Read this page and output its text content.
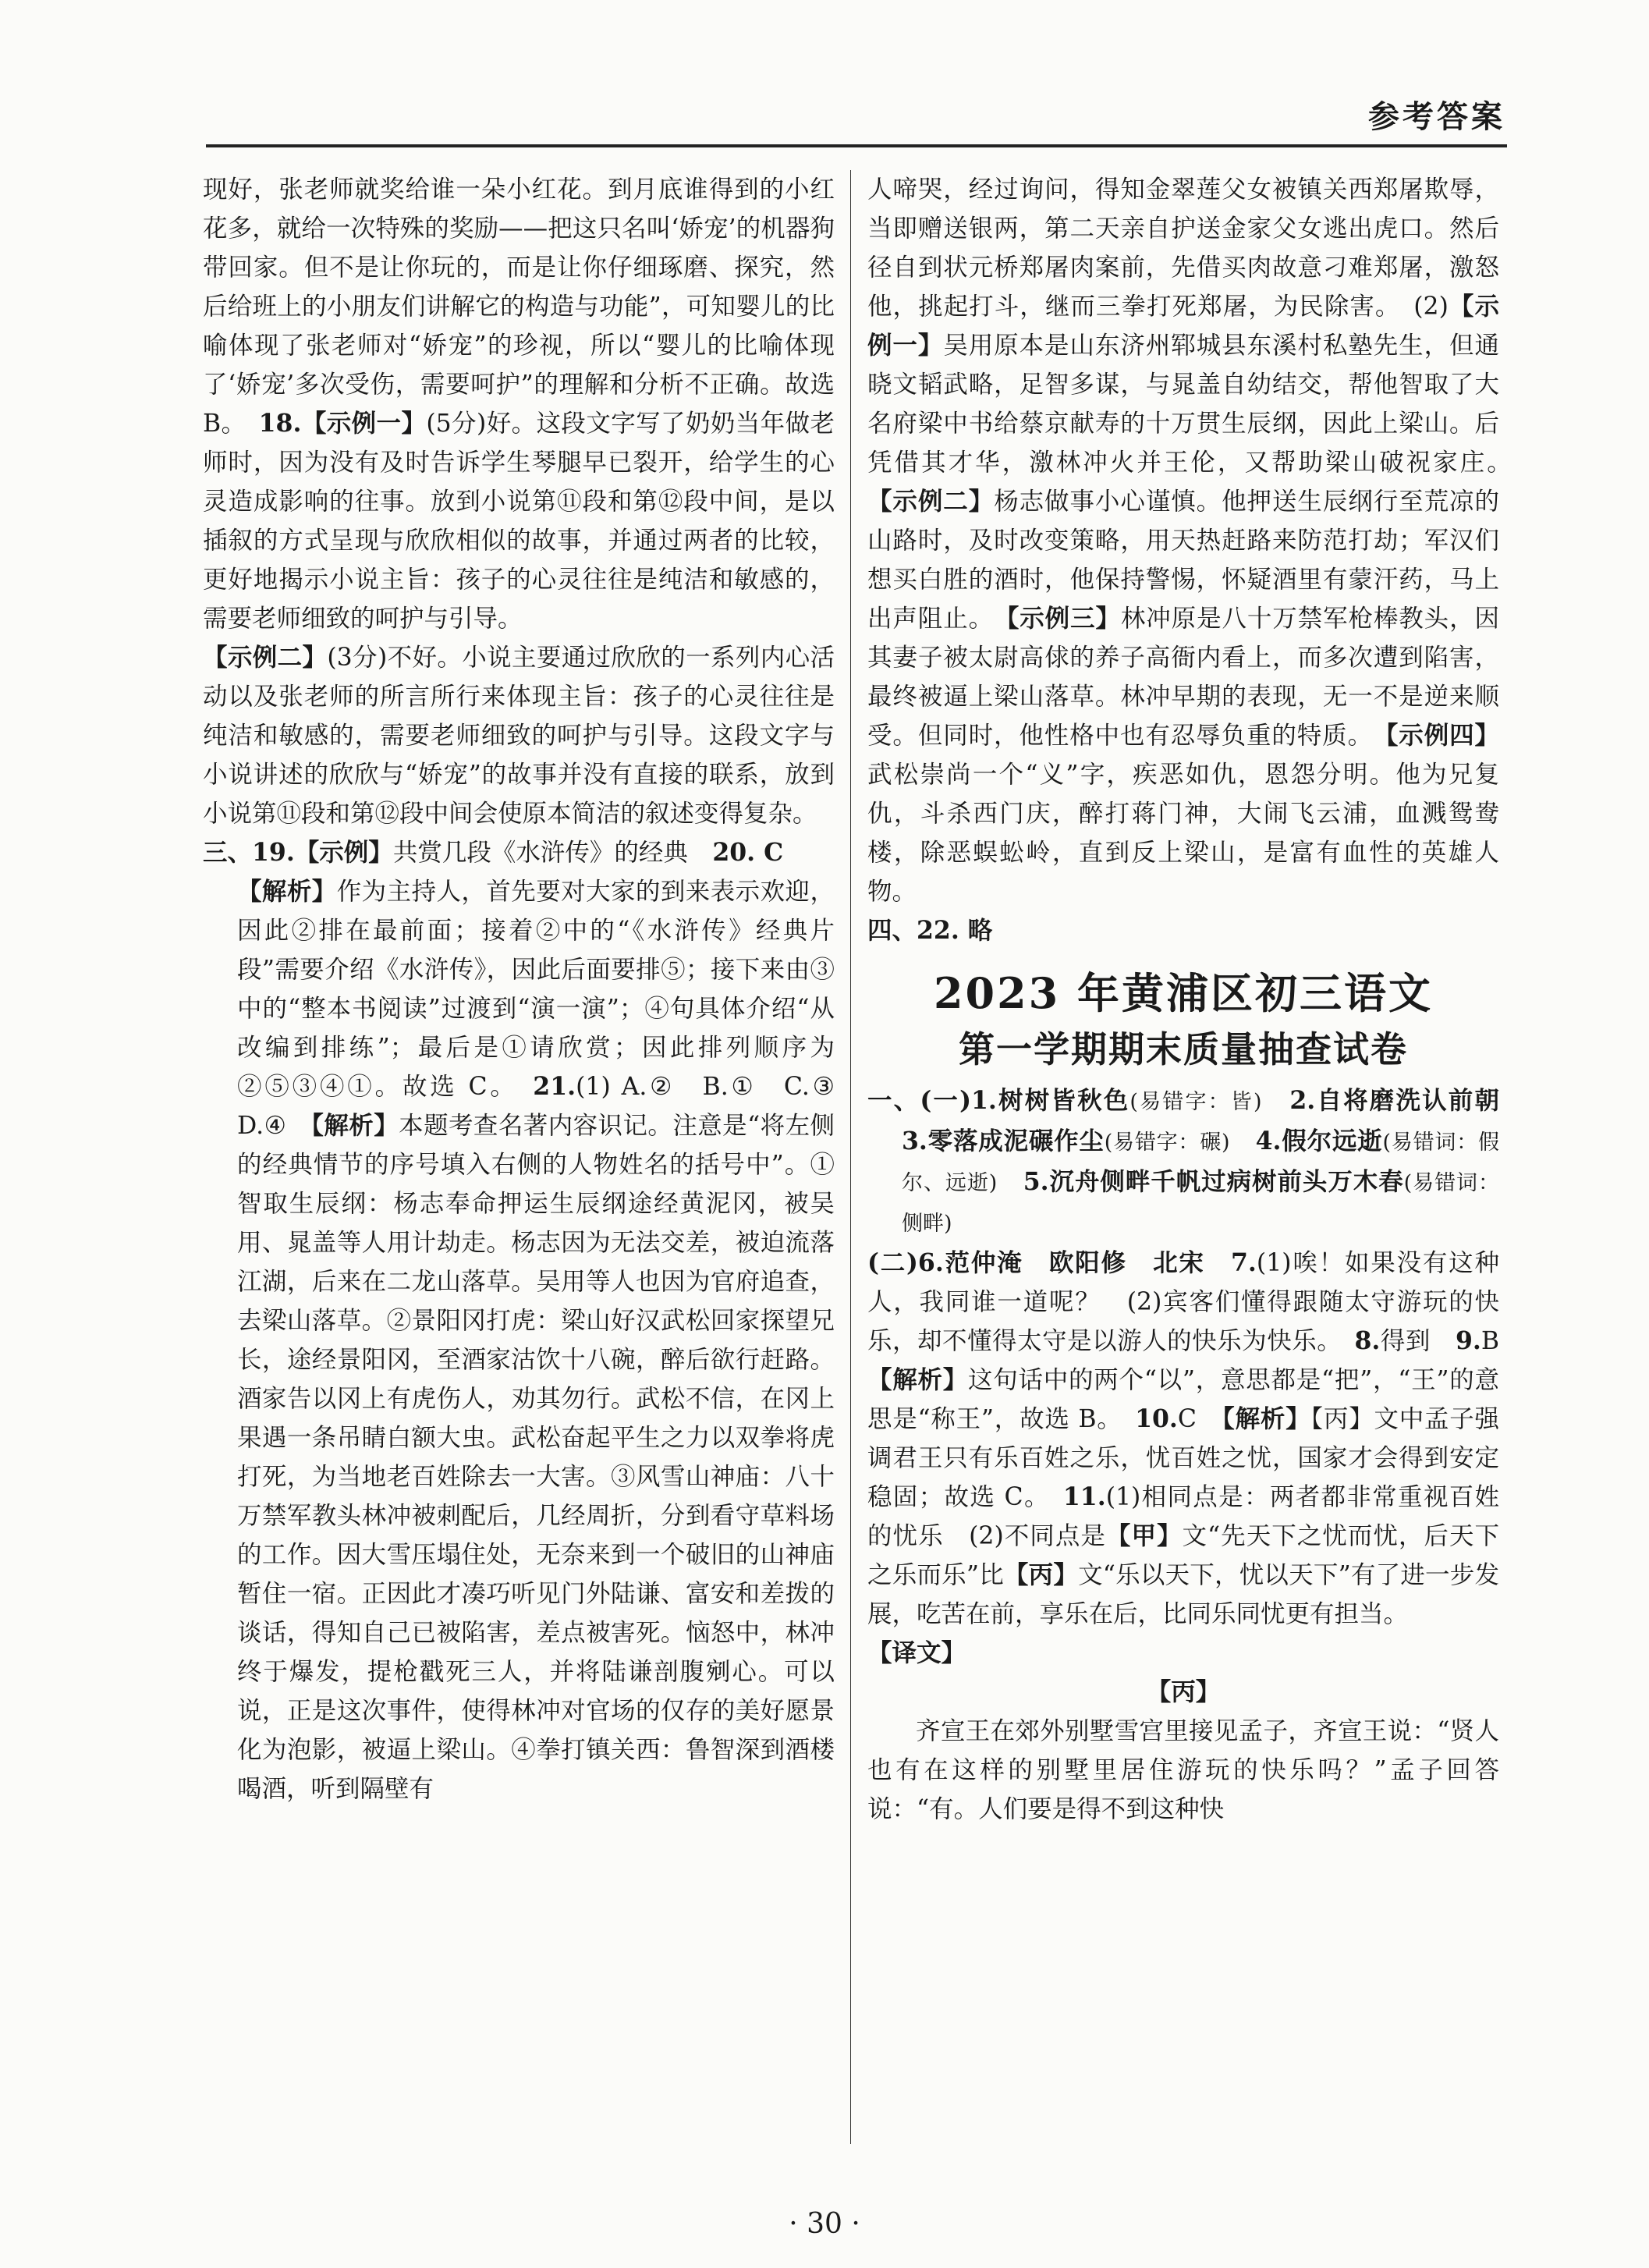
参考答案

现好，张老师就奖给谁一朵小红花。到月底谁得到的小红花多，就给一次特殊的奖励——把这只名叫‘娇宠’的机器狗带回家。但不是让你玩的，而是让你仔细琢磨、探究，然后给班上的小朋友们讲解它的构造与功能”，可知婴儿的比喻体现了张老师对“娇宠”的珍视，所以“婴儿的比喻体现了‘娇宠’多次受伤，需要呵护”的理解和分析不正确。故选 B。　 18.【示例一】(5分)好。这段文字写了奶奶当年做老师时，因为没有及时告诉学生琴腿早已裂开，给学生的心灵造成影响的往事。放到小说第⑪段和第⑫段中间，是以插叙的方式呈现与欣欣相似的故事，并通过两者的比较，更好地揭示小说主旨：孩子的心灵往往是纯洁和敏感的，需要老师细致的呵护与引导。

【示例二】(3分)不好。小说主要通过欣欣的一系列内心活动以及张老师的所言所行来体现主旨：孩子的心灵往往是纯洁和敏感的，需要老师细致的呵护与引导。这段文字与小说讲述的欣欣与“娇宠”的故事并没有直接的联系，放到小说第⑪段和第⑫段中间会使原本简洁的叙述变得复杂。

三、19.【示例】共赏几段《水浒传》的经典　20. C
【解析】作为主持人，首先要对大家的到来表示欢迎，因此②排在最前面；接着②中的“《水浒传》经典片段”需要介绍《水浒传》，因此后面要排⑤；接下来由③中的“整本书阅读”过渡到“演一演”；④句具体介绍“从改编到排练”；最后是①请欣赏；因此排列顺序为②⑤③④①。故选 C。　21.(1) A.②　B.①　C.③　D.④　【解析】本题考查名著内容识记。注意是“将左侧的经典情节的序号填入右侧的人物姓名的括号中”。①智取生辰纲：杨志奉命押运生辰纲途经黄泥冈，被吴用、晁盖等人用计劫走。杨志因为无法交差，被迫流落江湖，后来在二龙山落草。吴用等人也因为官府追查，去梁山落草。②景阳冈打虎：梁山好汉武松回家探望兄长，途经景阳冈，至酒家沽饮十八碗，醉后欲行赶路。酒家告以冈上有虎伤人，劝其勿行。武松不信，在冈上果遇一条吊睛白额大虫。武松奋起平生之力以双拳将虎打死，为当地老百姓除去一大害。③风雪山神庙：八十万禁军教头林冲被刺配后，几经周折，分到看守草料场的工作。因大雪压塌住处，无奈来到一个破旧的山神庙暂住一宿。正因此才凑巧听见门外陆谦、富安和差拨的谈话，得知自己已被陷害，差点被害死。恼怒中，林冲终于爆发，提枪戳死三人，并将陆谦剖腹剜心。可以说，正是这次事件，使得林冲对官场的仅存的美好愿景化为泡影，被逼上梁山。④拳打镇关西：鲁智深到酒楼喝酒，听到隔壁有

人啼哭，经过询问，得知金翠莲父女被镇关西郑屠欺辱，当即赠送银两，第二天亲自护送金家父女逃出虎口。然后径自到状元桥郑屠肉案前，先借买肉故意刁难郑屠，激怒他，挑起打斗，继而三拳打死郑屠，为民除害。　(2)【示例一】吴用原本是山东济州郓城县东溪村私塾先生，但通晓文韬武略，足智多谋，与晁盖自幼结交，帮他智取了大名府梁中书给蔡京献寿的十万贯生辰纲，因此上梁山。后凭借其才华，激林冲火并王伦，又帮助梁山破祝家庄。　【示例二】杨志做事小心谨慎。他押送生辰纲行至荒凉的山路时，及时改变策略，用天热赶路来防范打劫；军汉们想买白胜的酒时，他保持警惕，怀疑酒里有蒙汗药，马上出声阻止。　【示例三】林冲原是八十万禁军枪棒教头，因其妻子被太尉高俅的养子高衙内看上，而多次遭到陷害，最终被逼上梁山落草。林冲早期的表现，无一不是逆来顺受。但同时，他性格中也有忍辱负重的特质。　【示例四】武松崇尚一个“义”字，疾恶如仇，恩怨分明。他为兄复仇，斗杀西门庆，醉打蒋门神，大闹飞云浦，血溅鸳鸯楼，除恶蜈蚣岭，直到反上梁山，是富有血性的英雄人物。

四、22. 略

2023 年黄浦区初三语文

第一学期期末质量抽查试卷

一、(一)1.树树皆秋色(易错字：皆)　 2.自将磨洗认前朝　3.零落成泥碾作尘(易错字：碾)　 4.假尔远逝(易错词：假尔、远逝)　 5.沉舟侧畔千帆过病树前头万木春(易错词：侧畔)

(二)6.范仲淹　欧阳修　北宋　 7.(1)唉！如果没有这种人，我同谁一道呢？　(2)宾客们懂得跟随太守游玩的快乐，却不懂得太守是以游人的快乐为快乐。　8.得到　9.B　【解析】这句话中的两个“以”，意思都是“把”，“王”的意思是“称王”，故选 B。　10.C　【解析】【丙】文中孟子强调君王只有乐百姓之乐，忧百姓之忧，国家才会得到安定稳固；故选 C。　11.(1)相同点是：两者都非常重视百姓的忧乐　(2)不同点是【甲】文“先天下之忧而忧，后天下之乐而乐”比【丙】文“乐以天下，忧以天下”有了进一步发展，吃苦在前，享乐在后，比同乐同忧更有担当。

【译文】

【丙】

齐宣王在郊外别墅雪宫里接见孟子，齐宣王说：“贤人也有在这样的别墅里居住游玩的快乐吗？”孟子回答说：“有。人们要是得不到这种快

· 30 ·
